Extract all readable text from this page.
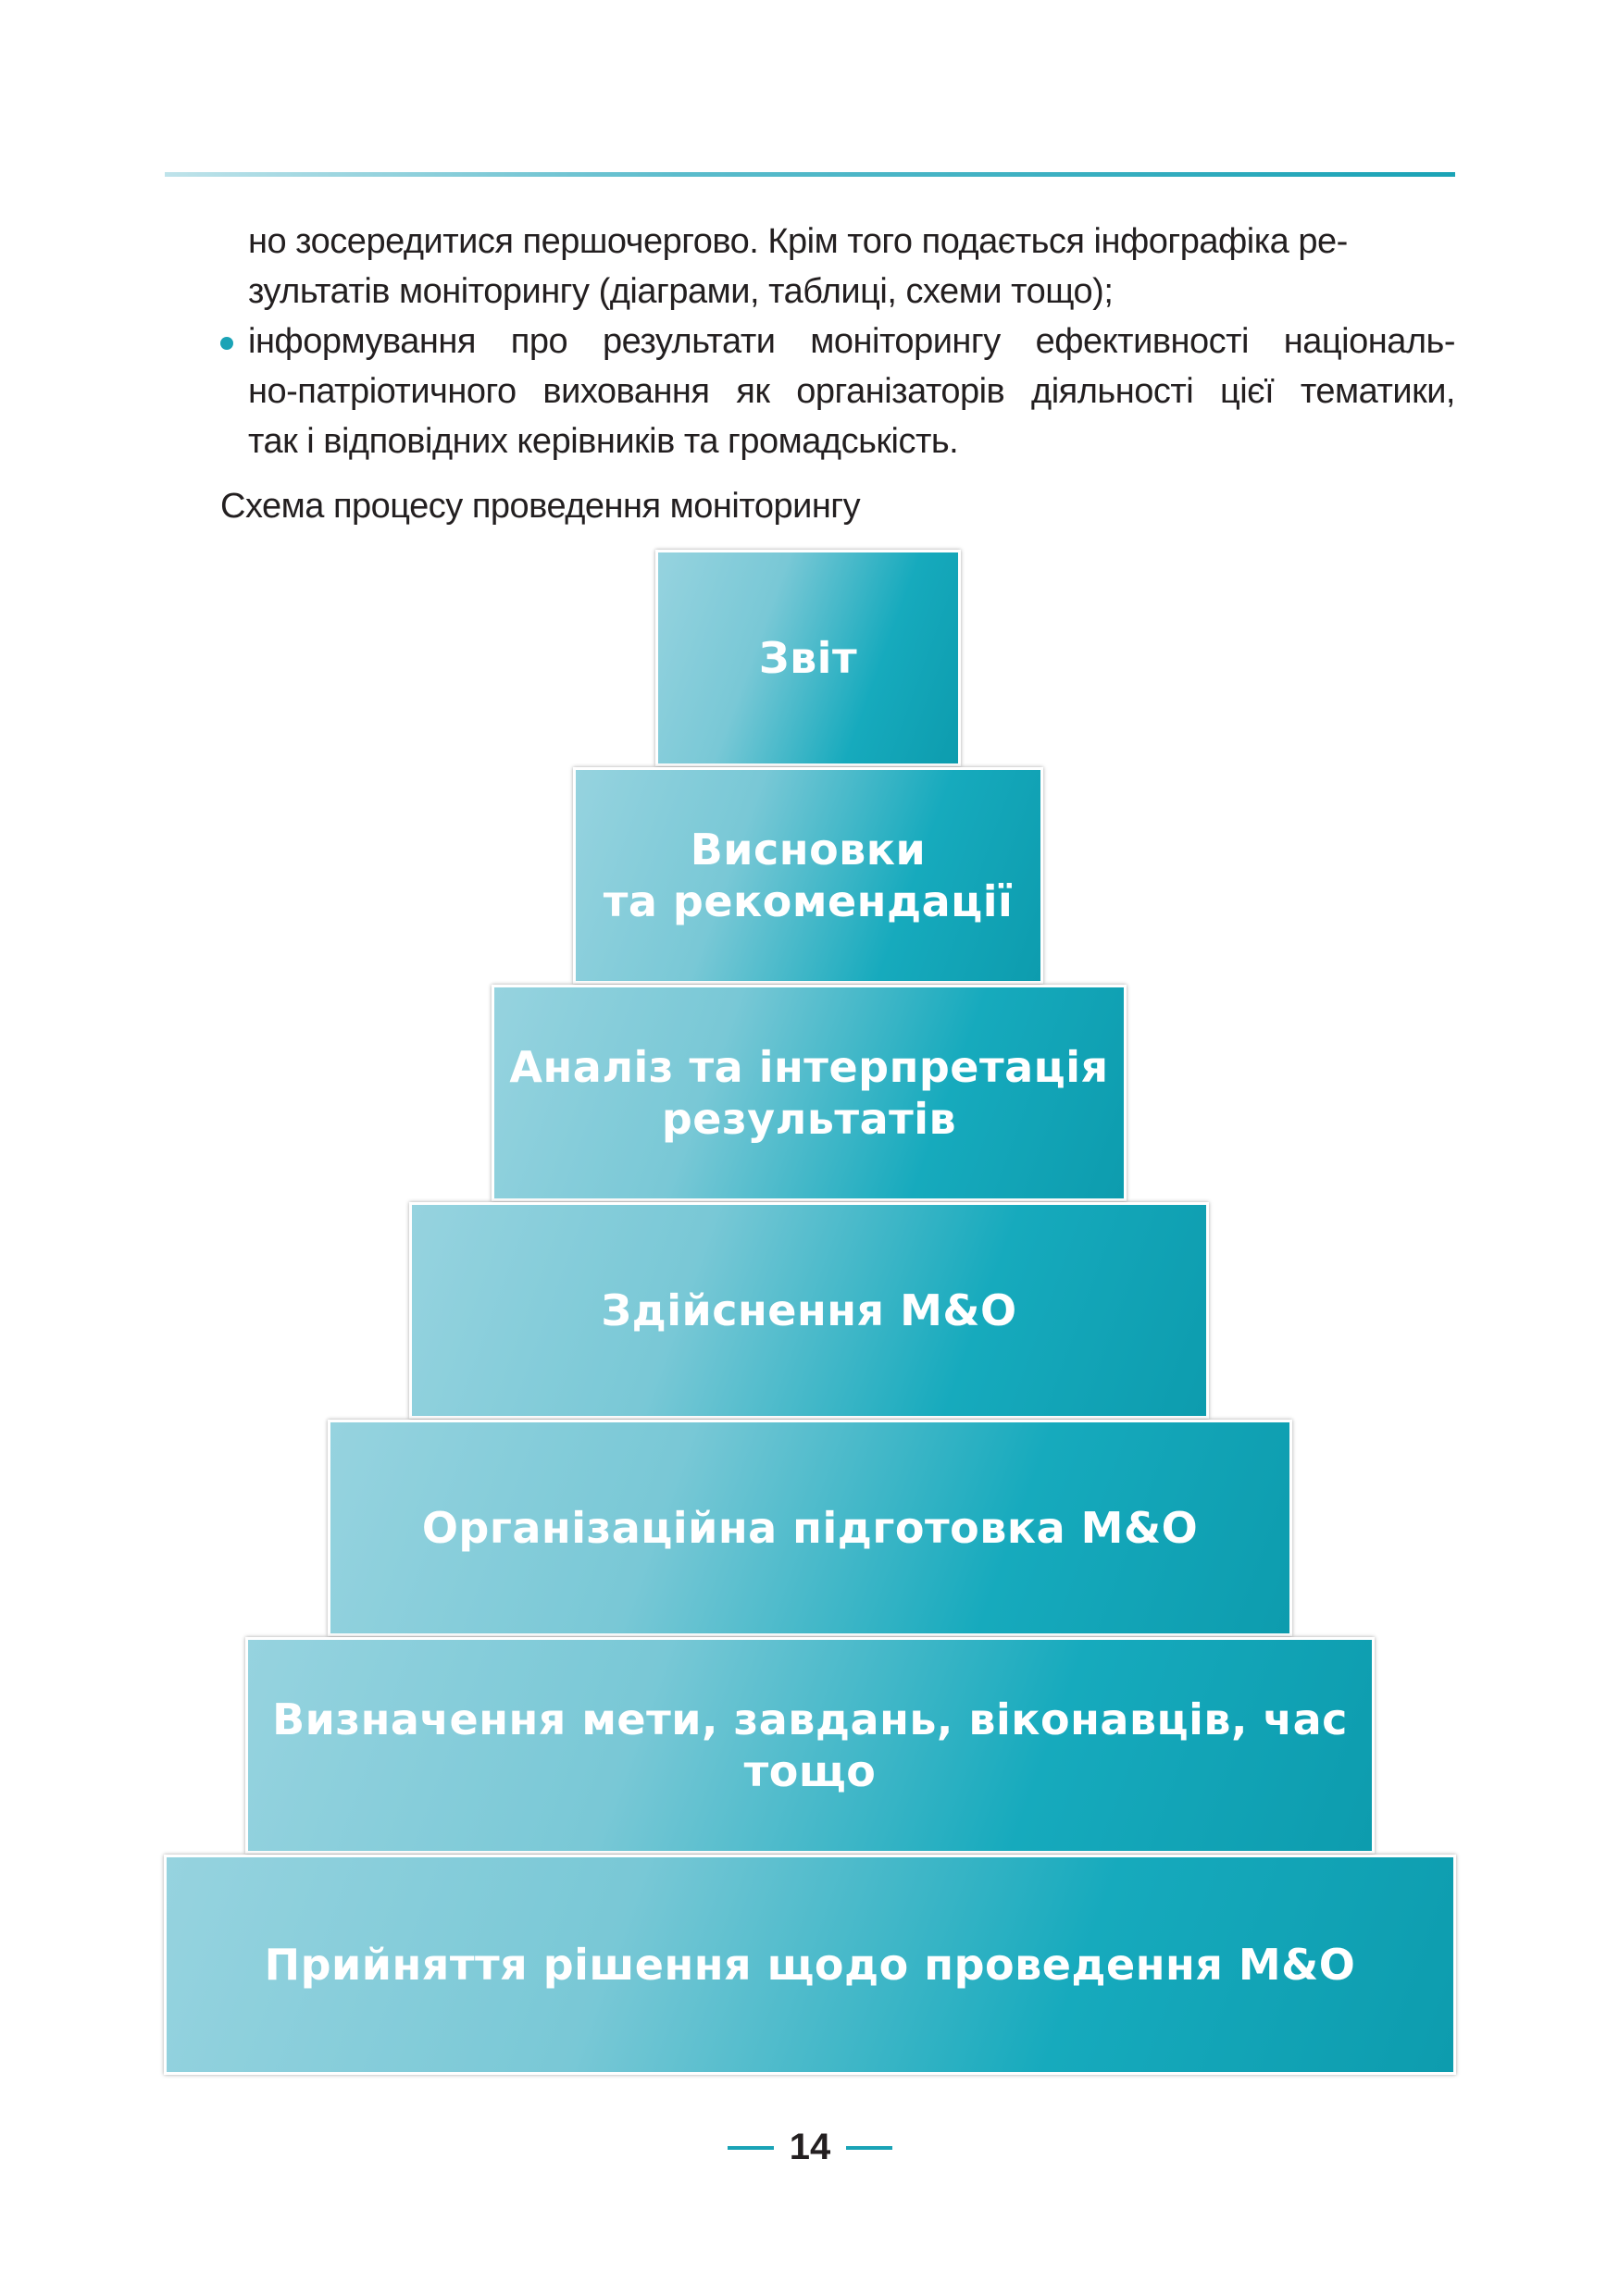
но зосередитися першочергово. Крім того подається інфографіка ре-
зультатів моніторингу (діаграми, таблиці, схеми тощо);
інформування про результати моніторингу ефективності національ-
но-патріотичного виховання як організаторів діяльності цієї тематики,
так і відповідних керівників та громадськість.
Схема процесу проведення моніторингу
Звіт
Висновки
та рекомендації
Аналіз та інтерпретація
результатів
Здійснення М&О
Організаційна підготовка М&О
Визначення мети, завдань, віконавців, час тощо
Прийняття рішення щодо проведення М&О
14
